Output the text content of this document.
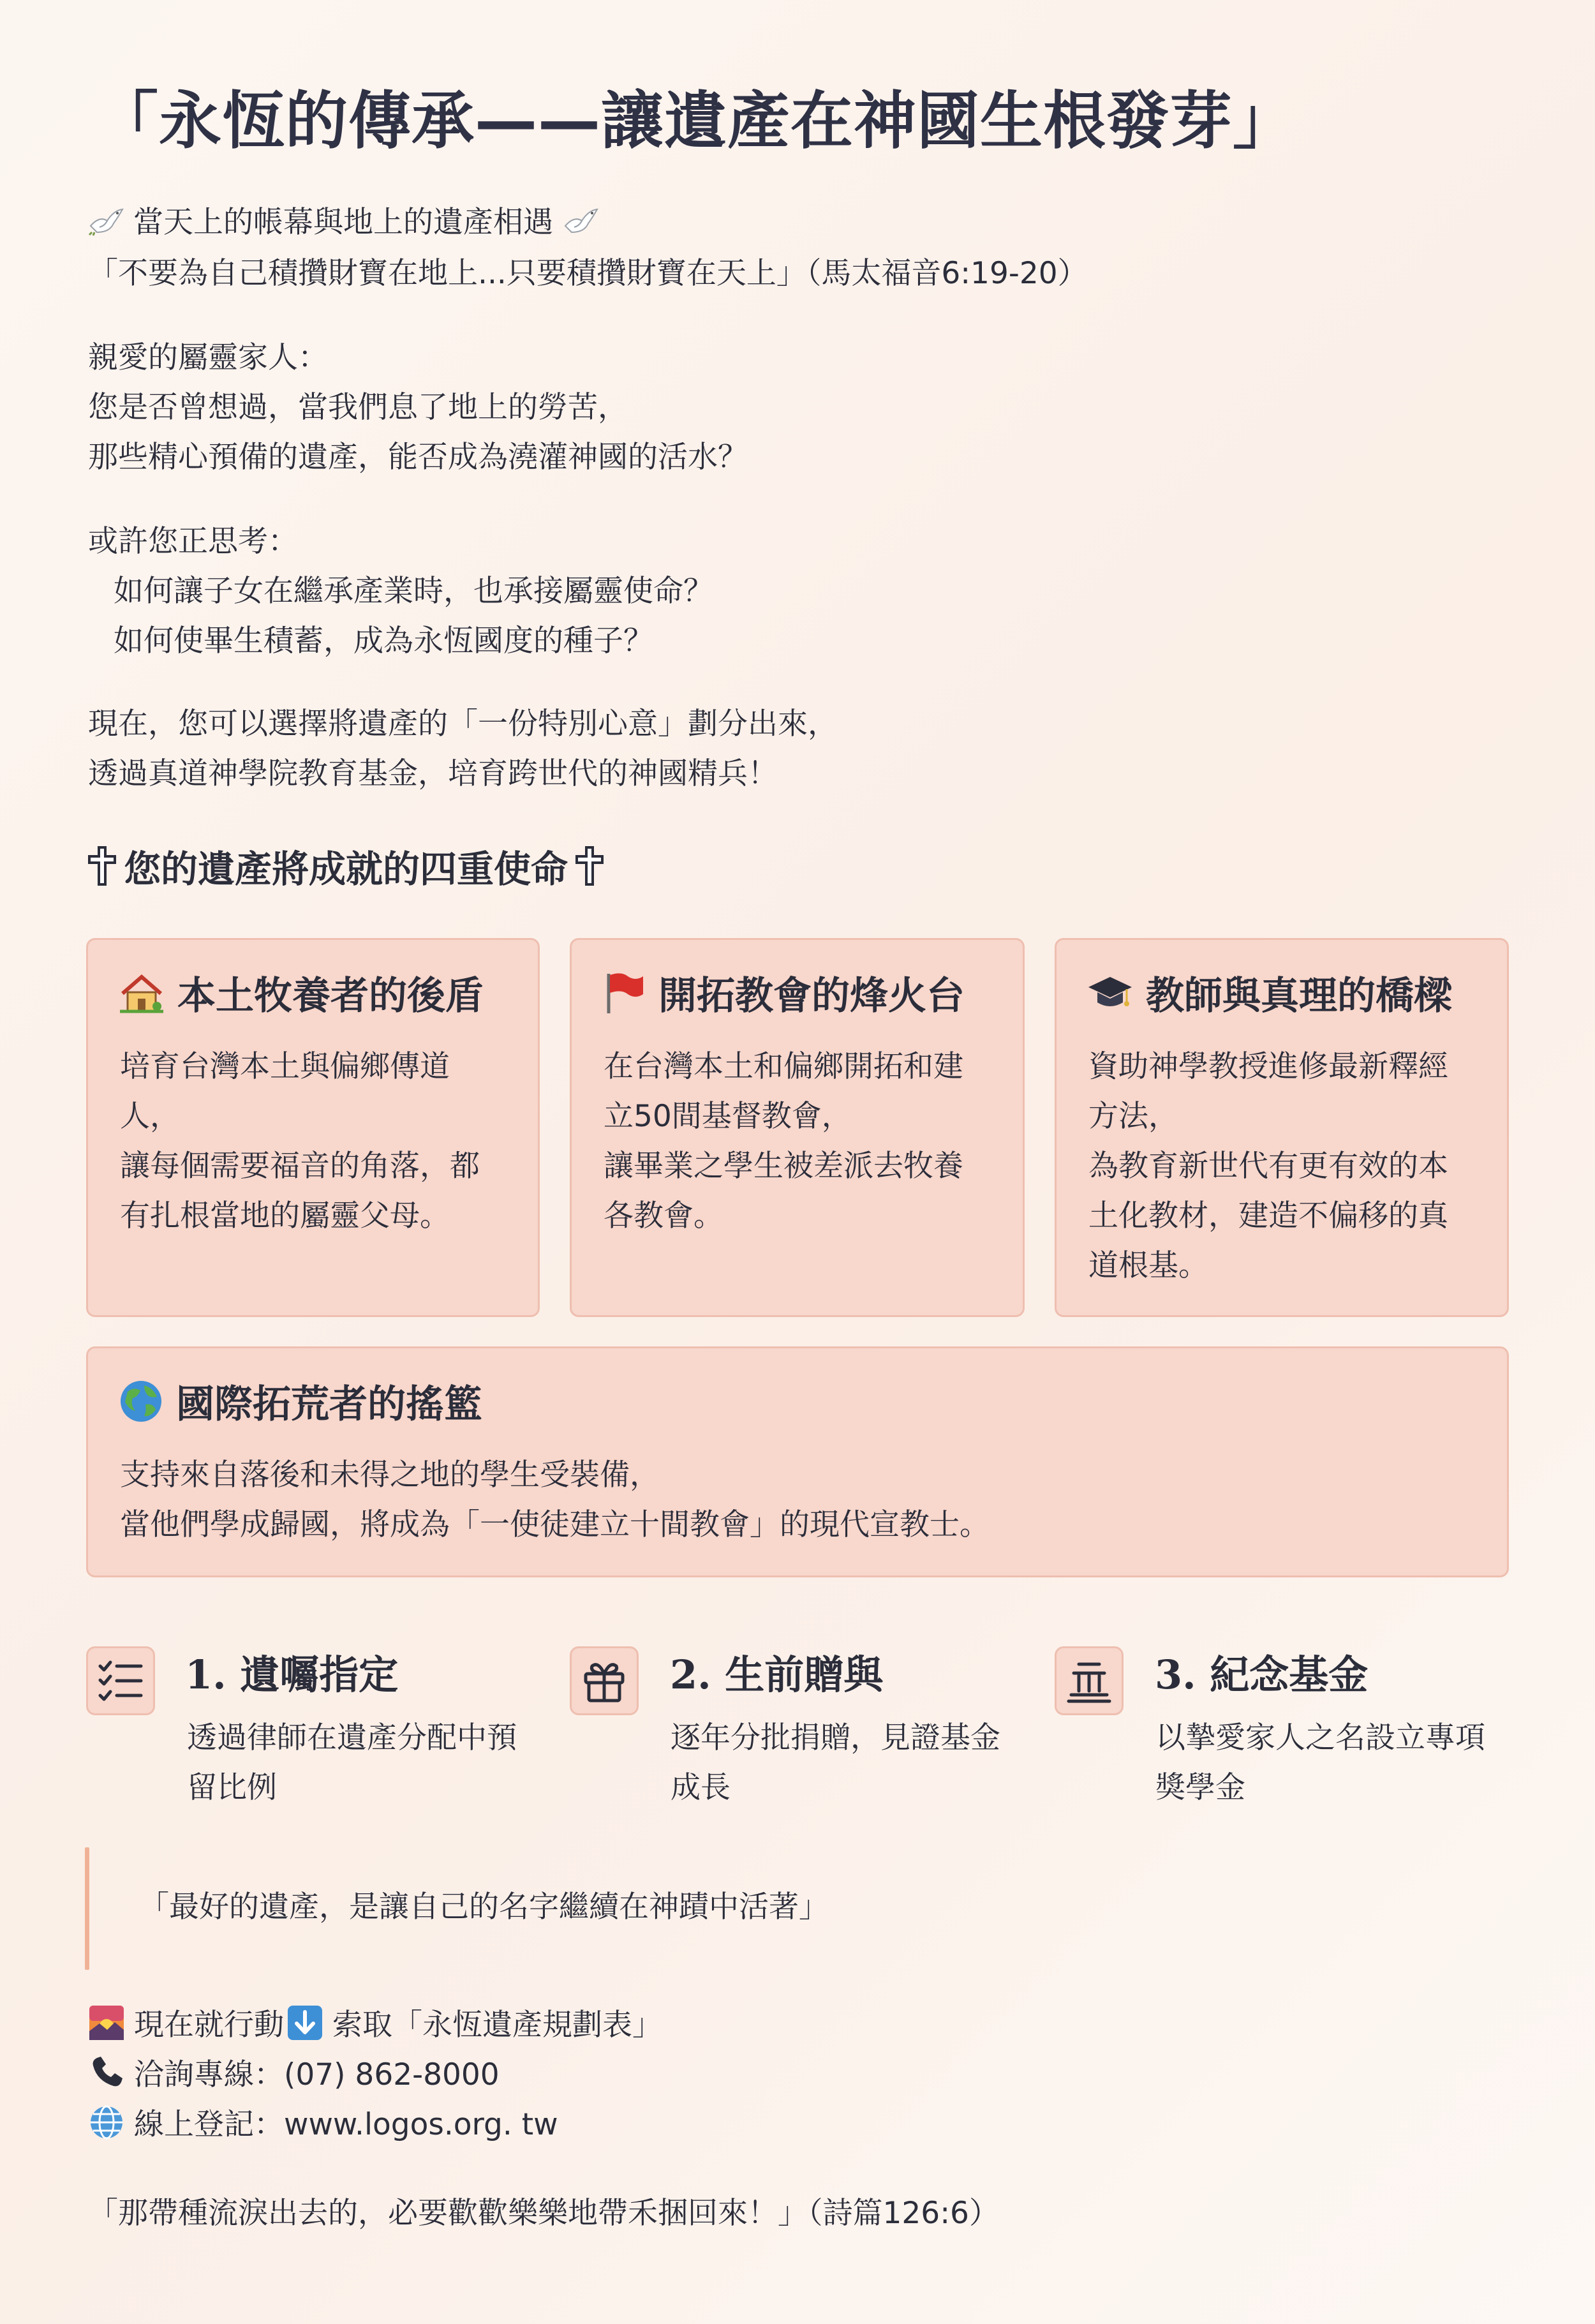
「永恆的傳承——讓遺產在神國生根發芽」
當天上的帳幕與地上的遺產相遇
「不要為自己積攢財寶在地上...只要積攢財寶在天上」（馬太福音6:19-20）
親愛的屬靈家人：
您是否曾想過，當我們息了地上的勞苦，
那些精心預備的遺產，能否成為澆灌神國的活水？
或許您正思考：
如何讓子女在繼承產業時，也承接屬靈使命？
如何使畢生積蓄，成為永恆國度的種子？
現在，您可以選擇將遺產的「一份特別心意」劃分出來，
透過真道神學院教育基金，培育跨世代的神國精兵！
您的遺產將成就的四重使命
本土牧養者的後盾
培育台灣本土與偏鄉傳道
人，
讓每個需要福音的角落，都
有扎根當地的屬靈父母。
開拓教會的烽火台
在台灣本土和偏鄉開拓和建
立50間基督教會，
讓畢業之學生被差派去牧養
各教會。
教師與真理的橋樑
資助神學教授進修最新釋經
方法，
為教育新世代有更有效的本
土化教材，建造不偏移的真
道根基。
國際拓荒者的搖籃
支持來自落後和未得之地的學生受裝備，
當他們學成歸國，將成為「一使徒建立十間教會」的現代宣教士。
1. 遺囑指定
透過律師在遺產分配中預
留比例
2. 生前贈與
逐年分批捐贈，見證基金
成長
3. 紀念基金
以摯愛家人之名設立專項
獎學金
「最好的遺產，是讓自己的名字繼續在神蹟中活著」
現在就行動 索取「永恆遺產規劃表」
洽詢專線：(07) 862-8000
線上登記：www.logos.org. tw
「那帶種流淚出去的，必要歡歡樂樂地帶禾捆回來！」（詩篇126:6）
